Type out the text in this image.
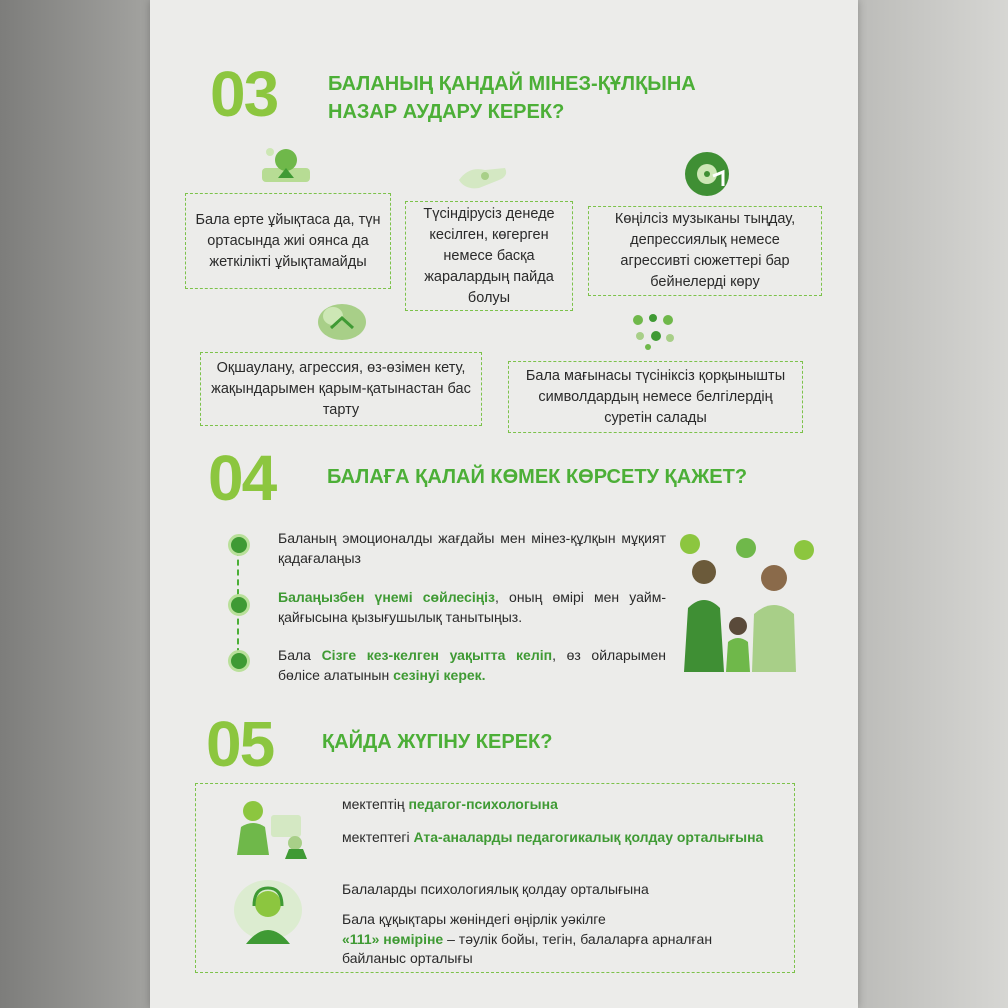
03	БАЛАНЫҢ ҚАНДАЙ МІНЕЗ-ҚҰЛҚЫНА
НАЗАР АУДАРУ КЕРЕК?
Бала ерте ұйықтаса да, түн ортасында жиі оянса да жеткілікті ұйықтамайды
Түсіндірусіз денеде кесілген, көгерген немесе басқа жаралардың пайда болуы
Көңілсіз музыканы тыңдау, депрессиялық немесе агрессивті сюжеттері бар бейнелерді көру
Оқшаулану, агрессия, өз-өзімен кету, жақындарымен қарым-қатынастан бас тарту
Бала мағынасы түсініксіз қорқынышты символдардың немесе белгілердің суретін салады
04	БАЛАҒА ҚАЛАЙ КӨМЕК КӨРСЕТУ ҚАЖЕТ?
Баланың эмоционалды жағдайы мен мінез-құлқын мұқият қадағалаңыз
Балаңызбен үнемі сөйлесіңіз, оның өмірі мен уайм-қайғысына қызығушылық танытыңыз.
Бала Сізге кез-келген уақытта келіп, өз ойларымен бөлісе алатынын сезінуі керек.
05 ҚАЙДА ЖҮГІНУ КЕРЕК?
мектептің педагог-психологына
мектептегі Ата-аналарды педагогикалық қолдау орталығына
Балаларды психологиялық қолдау орталығына
Бала құқықтары жөніндегі өңірлік уәкілге
«111» нөміріне – тәулік бойы, тегін, балаларға арналған байланыс орталығы
